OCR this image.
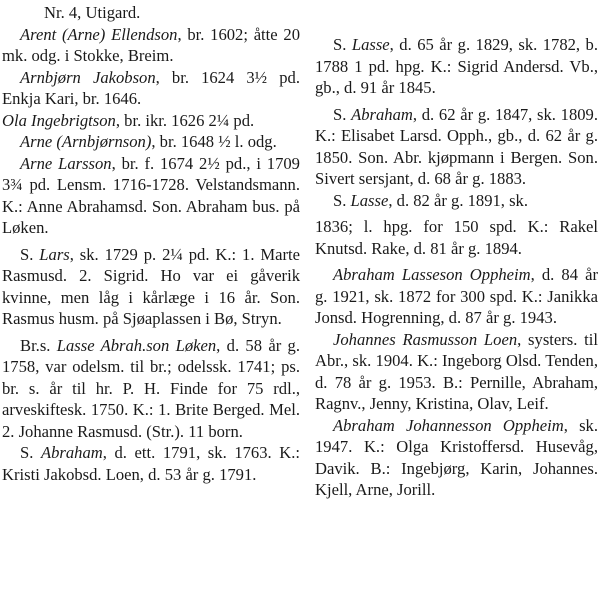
Nr. 4, Utigard.

Arent (Arne) Ellendson, br. 1602; åtte 20 mk. odg. i Stokke, Breim.

Arnbjørn Jakobson, br. 1624 3½ pd. Enkja Kari, br. 1646.

Ola Ingebrigtson, br. ikr. 1626 2¼ pd.

Arne (Arnbjørnson), br. 1648 ½ l. odg.

Arne Larsson, br. f. 1674 2½ pd., i 1709 3¾ pd. Lensm. 1716-1728. Velstandsmann. K.: Anne Abrahamsd. Son. Abraham bus. på Løken.

S. Lars, sk. 1729 p. 2¼ pd. K.: 1. Marte Rasmusd. 2. Sigrid. Ho var ei gåverik kvinne, men låg i kårlæge i 16 år. Son. Rasmus husm. på Sjøaplassen i Bø, Stryn.

Br.s. Lasse Abrah.son Løken, d. 58 år g. 1758, var odelsm. til br.; odelssk. 1741; ps. br. s. år til hr. P. H. Finde for 75 rdl., arveskiftesk. 1750. K.: 1. Brite Berged. Mel. 2. Johanne Rasmusd. (Str.). 11 born.

S. Abraham, d. ett. 1791, sk. 1763. K.: Kristi Jakobsd. Loen, d. 53 år g. 1791.

S. Lasse, d. 65 år g. 1829, sk. 1782, b. 1788 1 pd. hpg. K.: Sigrid Andersd. Vb., gb., d. 91 år 1845.

S. Abraham, d. 62 år g. 1847, sk. 1809. K.: Elisabet Larsd. Opph., gb., d. 62 år g. 1850. Son. Abr. kjøpmann i Bergen. Son. Sivert sersjant, d. 68 år g. 1883.

S. Lasse, d. 82 år g. 1891, sk.

1836; l. hpg. for 150 spd. K.: Rakel Knutsd. Rake, d. 81 år g. 1894.

Abraham Lasseson Oppheim, d. 84 år g. 1921, sk. 1872 for 300 spd. K.: Janikka Jonsd. Hogrenning, d. 87 år g. 1943.

Johannes Rasmusson Loen, systers. til Abr., sk. 1904. K.: Ingeborg Olsd. Tenden, d. 78 år g. 1953. B.: Pernille, Abraham, Ragnv., Jenny, Kristina, Olav, Leif.

Abraham Johannesson Oppheim, sk. 1947. K.: Olga Kristoffersd. Husevåg, Davik. B.: Ingebjørg, Karin, Johannes. Kjell, Arne, Jorill.
